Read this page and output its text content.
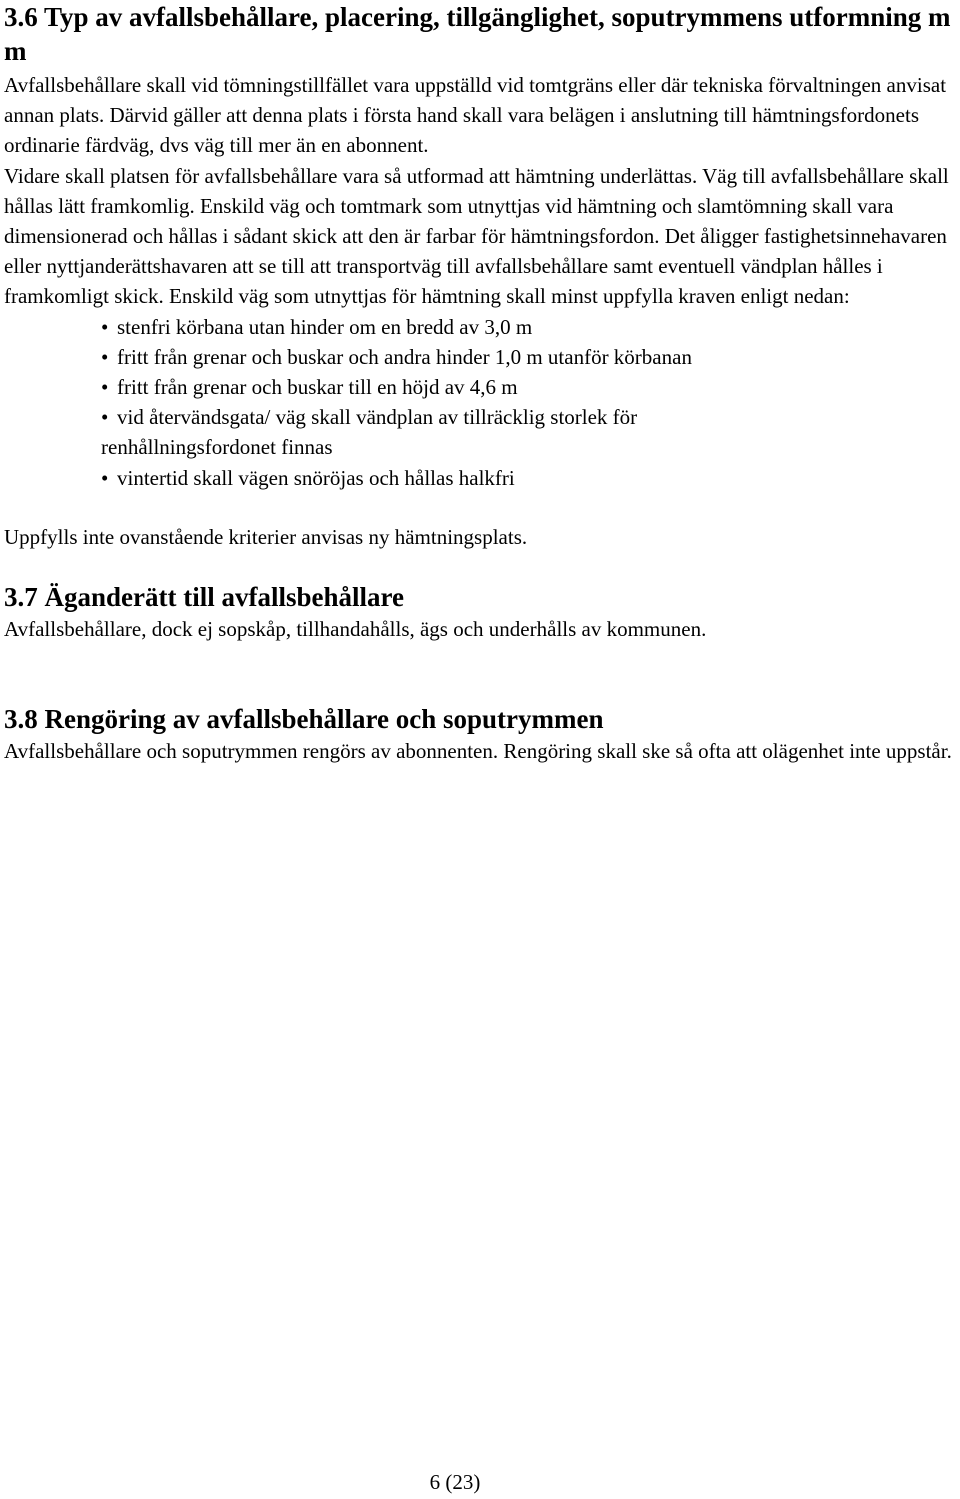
3.6 Typ av avfallsbehållare, placering, tillgänglighet, soputrymmens utformning m m

Avfallsbehållare skall vid tömningstillfället vara uppställd vid tomtgräns eller där tekniska förvaltningen anvisat annan plats. Därvid gäller att denna plats i första hand skall vara belägen i anslutning till hämtningsfordonets ordinarie färdväg, dvs väg till mer än en abonnent.

Vidare skall platsen för avfallsbehållare vara så utformad att hämtning underlättas. Väg till avfallsbehållare skall hållas lätt framkomlig. Enskild väg och tomtmark som utnyttjas vid hämtning och slamtömning skall vara dimensionerad och hållas i sådant skick att den är farbar för hämtningsfordon. Det åligger fastighetsinnehavaren eller nyttjanderättshavaren att se till att transportväg till avfallsbehållare samt eventuell vändplan hålles i framkomligt skick. Enskild väg som utnyttjas för hämtning skall minst uppfylla kraven enligt nedan:

• stenfri körbana utan hinder om en bredd av 3,0 m
• fritt från grenar och buskar och andra hinder 1,0 m utanför körbanan
• fritt från grenar och buskar till en höjd av 4,6 m
• vid återvändsgata/ väg skall vändplan av tillräcklig storlek för
renhållningsfordonet finnas
• vintertid skall vägen snöröjas och hållas halkfri

Uppfylls inte ovanstående kriterier anvisas ny hämtningsplats.

3.7 Äganderätt till avfallsbehållare

Avfallsbehållare, dock ej sopskåp, tillhandahålls, ägs och underhålls av kommunen.

3.8 Rengöring av avfallsbehållare och soputrymmen

Avfallsbehållare och soputrymmen rengörs av abonnenten. Rengöring skall ske så ofta att olägenhet inte uppstår.

6 (23)
